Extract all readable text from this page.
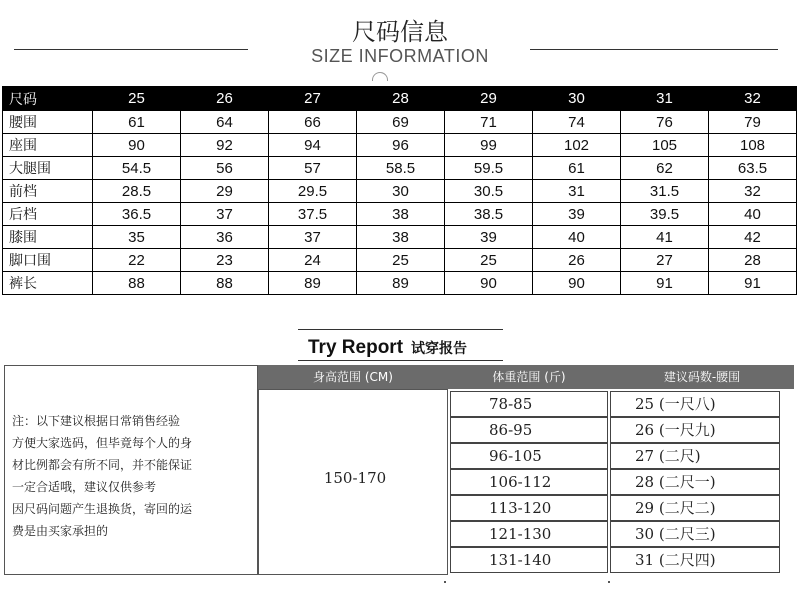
尺码信息
SIZE INFORMATION
尺码	25	26	27	28	29	30	31	32
腰围	61	64	66	69	71	74	76	79
座围	90	92	94	96	99	102	105	108
大腿围	54.5	56	57	58.5	59.5	61	62	63.5
前档	28.5	29	29.5	30	30.5	31	31.5	32
后档	36.5	37	37.5	38	38.5	39	39.5	40
膝围	35	36	37	38	39	40	41	42
脚口围	22	23	24	25	25	26	27	28
裤长	88	88	89	89	90	90	91	91
Try Report 试穿报告
身高范围 (CM)	体重范围 (斤)	建议码数-腰围
注：以下建议根据日常销售经验
方便大家选码，但毕竟每个人的身
材比例都会有所不同，并不能保证
一定合适哦，建议仅供参考
因尺码问题产生退换货，寄回的运
费是由买家承担的
150-170
78-85	25 (一尺八)
86-95	26 (一尺九)
96-105	27 (二尺)
106-112	28 (二尺一)
113-120	29 (二尺二)
121-130	30 (二尺三)
131-140	31 (二尺四)
